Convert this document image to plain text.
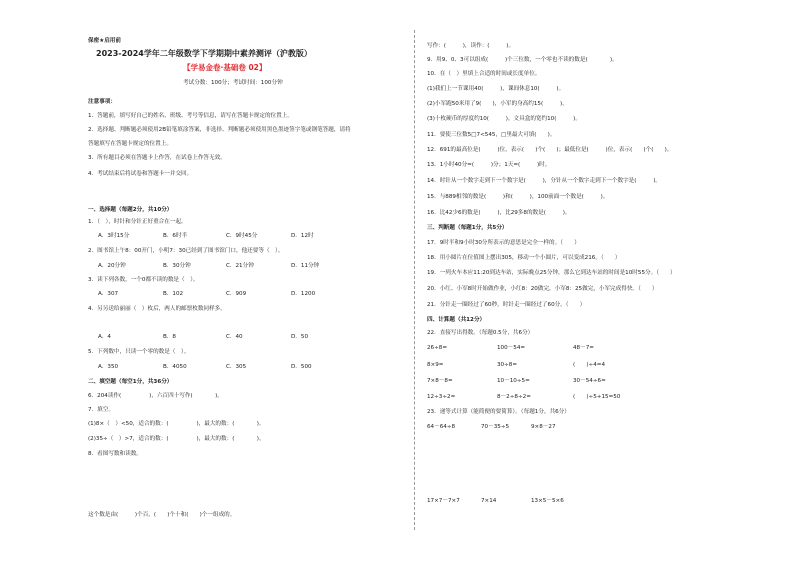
保密★启用前
2023-2024学年二年级数学下学期期中素养测评（沪教版）
【学易金卷·基础卷 02】
考试分数：100分；考试时间：100分钟
注意事项：
1．答题前，填写好自己的姓名、班级、考号等信息，请写在答题卡规定的位置上。
2．选择题、判断题必须使用2B铅笔填涂答案，非选择、判断题必须使用黑色墨迹签字笔或钢笔答题，请将
答题填写在答题卡规定的位置上。
3．所有题目必须在答题卡上作答，在试卷上作答无效。
4．考试结束后将试卷和答题卡一并交回。
一、选择题（每题2分，共10分）
1．（　），时针和分针正好重合在一起。
A．3时15分	B．6时半	C．9时45分	D．12时
2．图书馆上午8：00开门，小明7：30已经到了图书馆门口，他还要等（　）。
A．20分钟	B．30分钟	C．21分钟	D．11分钟
3．读下列各数，一个0都不读的数是（　）。
A．307	B．102	C．909	D．1200
4．另另送给丽丽（　）枚后，两人的邮票枚数同样多。
A．4	B．8	C．40	D．50
5．下列数中，只读一个零的数是（　）。
A．350	B．4050	C．305	D．500
二、填空题（每空1分，共36分）
6．204读作(　　　　　)，六百四十写作(　　　　)。
7．填空。
(1)8×（　）<50，适合的数：(　　　　　)，最大的数：(　　　　)。
(2)35÷（　）>7，适合的数：(　　　　　)，最大的数：(　　　　)。
8．看图写数和读数。
这个数是由(　　　)个百，(　　)个十和(　　)个一组成的。
写作：(　　　)，读作：(　　　)。
9．用9、0、3可以组成(　　　)个三位数，一个零也不读的数是(　　　　)。
10．在（　）里填上合适的时间或长度单位。
(1)我们上一节课用40(　　　)，课间休息10(　　　)。
(2)小军跑50米用了9(　　)，小军的身高约15(　　　)。
(3)十枚硬币的厚度约10(　　　)，文具盒的宽约10(　　　)。
11．要使三位数5□7<545，□里最大可填(　　)。
12．691的最高位是(　　　)位，表示(　　)个(　　)；最低位是(　　　)位，表示(　　)个(　　)。
13．1小时40分=(　　　)分；1天=(　　　)时。
14．时针从一个数字走到下一个数字是(　　　)，分针从一个数字走到下一个数字是(　　　)。
15．与889相邻的数是(　　　)和(　　　)，100前面一个数是(　　　)。
16．比42少6的数是(　　　)，比29多8的数是(　　　)。
三、判断题（每题1分，共5分）
17．9时半和9小时30分所表示的意思是完全一样的。（　　）
18．用小圆片在位值图上摆出305，移动一个小圆片，可以变成216。（　　）
19．一列火车本应11:20到达车站，实际晚点25分钟，那么它到达车站的时间是10时55分。（　　）
20．小红、小军8时开始做作业，小红8：20做完，小军8：25做完，小军完成得快。（　　）
21．分针走一圈经过了60秒，时针走一圈经过了60分。（　　）
四、计算题（共12分）
22．直接写出得数。（每题0.5分，共6分）
26÷8=	100－54=	48－7=
8×9=	30÷8=	(　　)÷4=4
7×8－8=	10－10÷5=	30－54÷6=
12÷3÷2=	8－2÷8÷2=	(　　)÷5+15=50
23．递等式计算（能简便的要简算）。（每题1分，共6分）
64－64÷8	70－35÷5	9×8－27
17×7－7×7	7×14	13×5－5×6
